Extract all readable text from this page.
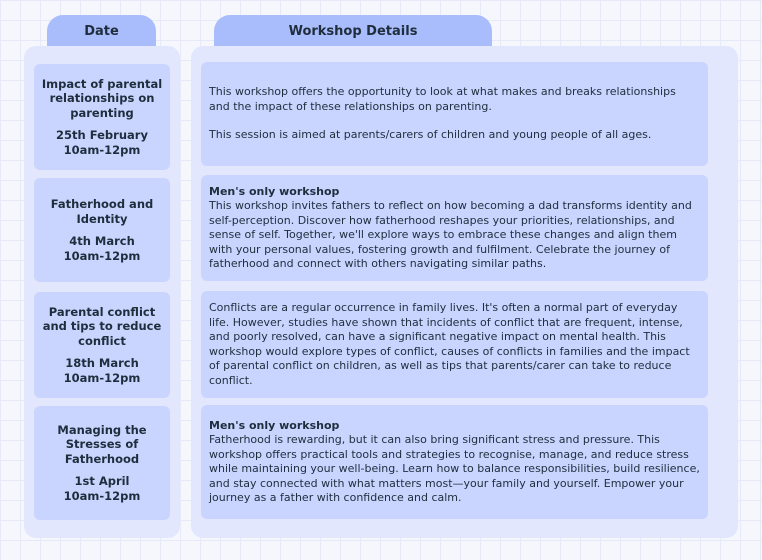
Date	Workshop Details
Impact of parental relationships on parenting
25th February
10am-12pm

This workshop offers the opportunity to look at what makes and breaks relationships and the impact of these relationships on parenting.

This session is aimed at parents/carers of children and young people of all ages.

Fatherhood and Identity
4th March
10am-12pm

Men's only workshop

This workshop invites fathers to reflect on how becoming a dad transforms identity and self-perception. Discover how fatherhood reshapes your priorities, relationships, and sense of self. Together, we'll explore ways to embrace these changes and align them with your personal values, fostering growth and fulfilment. Celebrate the journey of fatherhood and connect with others navigating similar paths.

Parental conflict and tips to reduce conflict
18th March
10am-12pm

Conflicts are a regular occurrence in family lives. It's often a normal part of everyday life. However, studies have shown that incidents of conflict that are frequent, intense, and poorly resolved, can have a significant negative impact on mental health. This workshop would explore types of conflict, causes of conflicts in families and the impact of parental conflict on children, as well as tips that parents/carer can take to reduce conflict.

Managing the Stresses of Fatherhood
1st April
10am-12pm

Men's only workshop

Fatherhood is rewarding, but it can also bring significant stress and pressure. This workshop offers practical tools and strategies to recognise, manage, and reduce stress while maintaining your well-being. Learn how to balance responsibilities, build resilience, and stay connected with what matters most—your family and yourself. Empower your journey as a father with confidence and calm.
